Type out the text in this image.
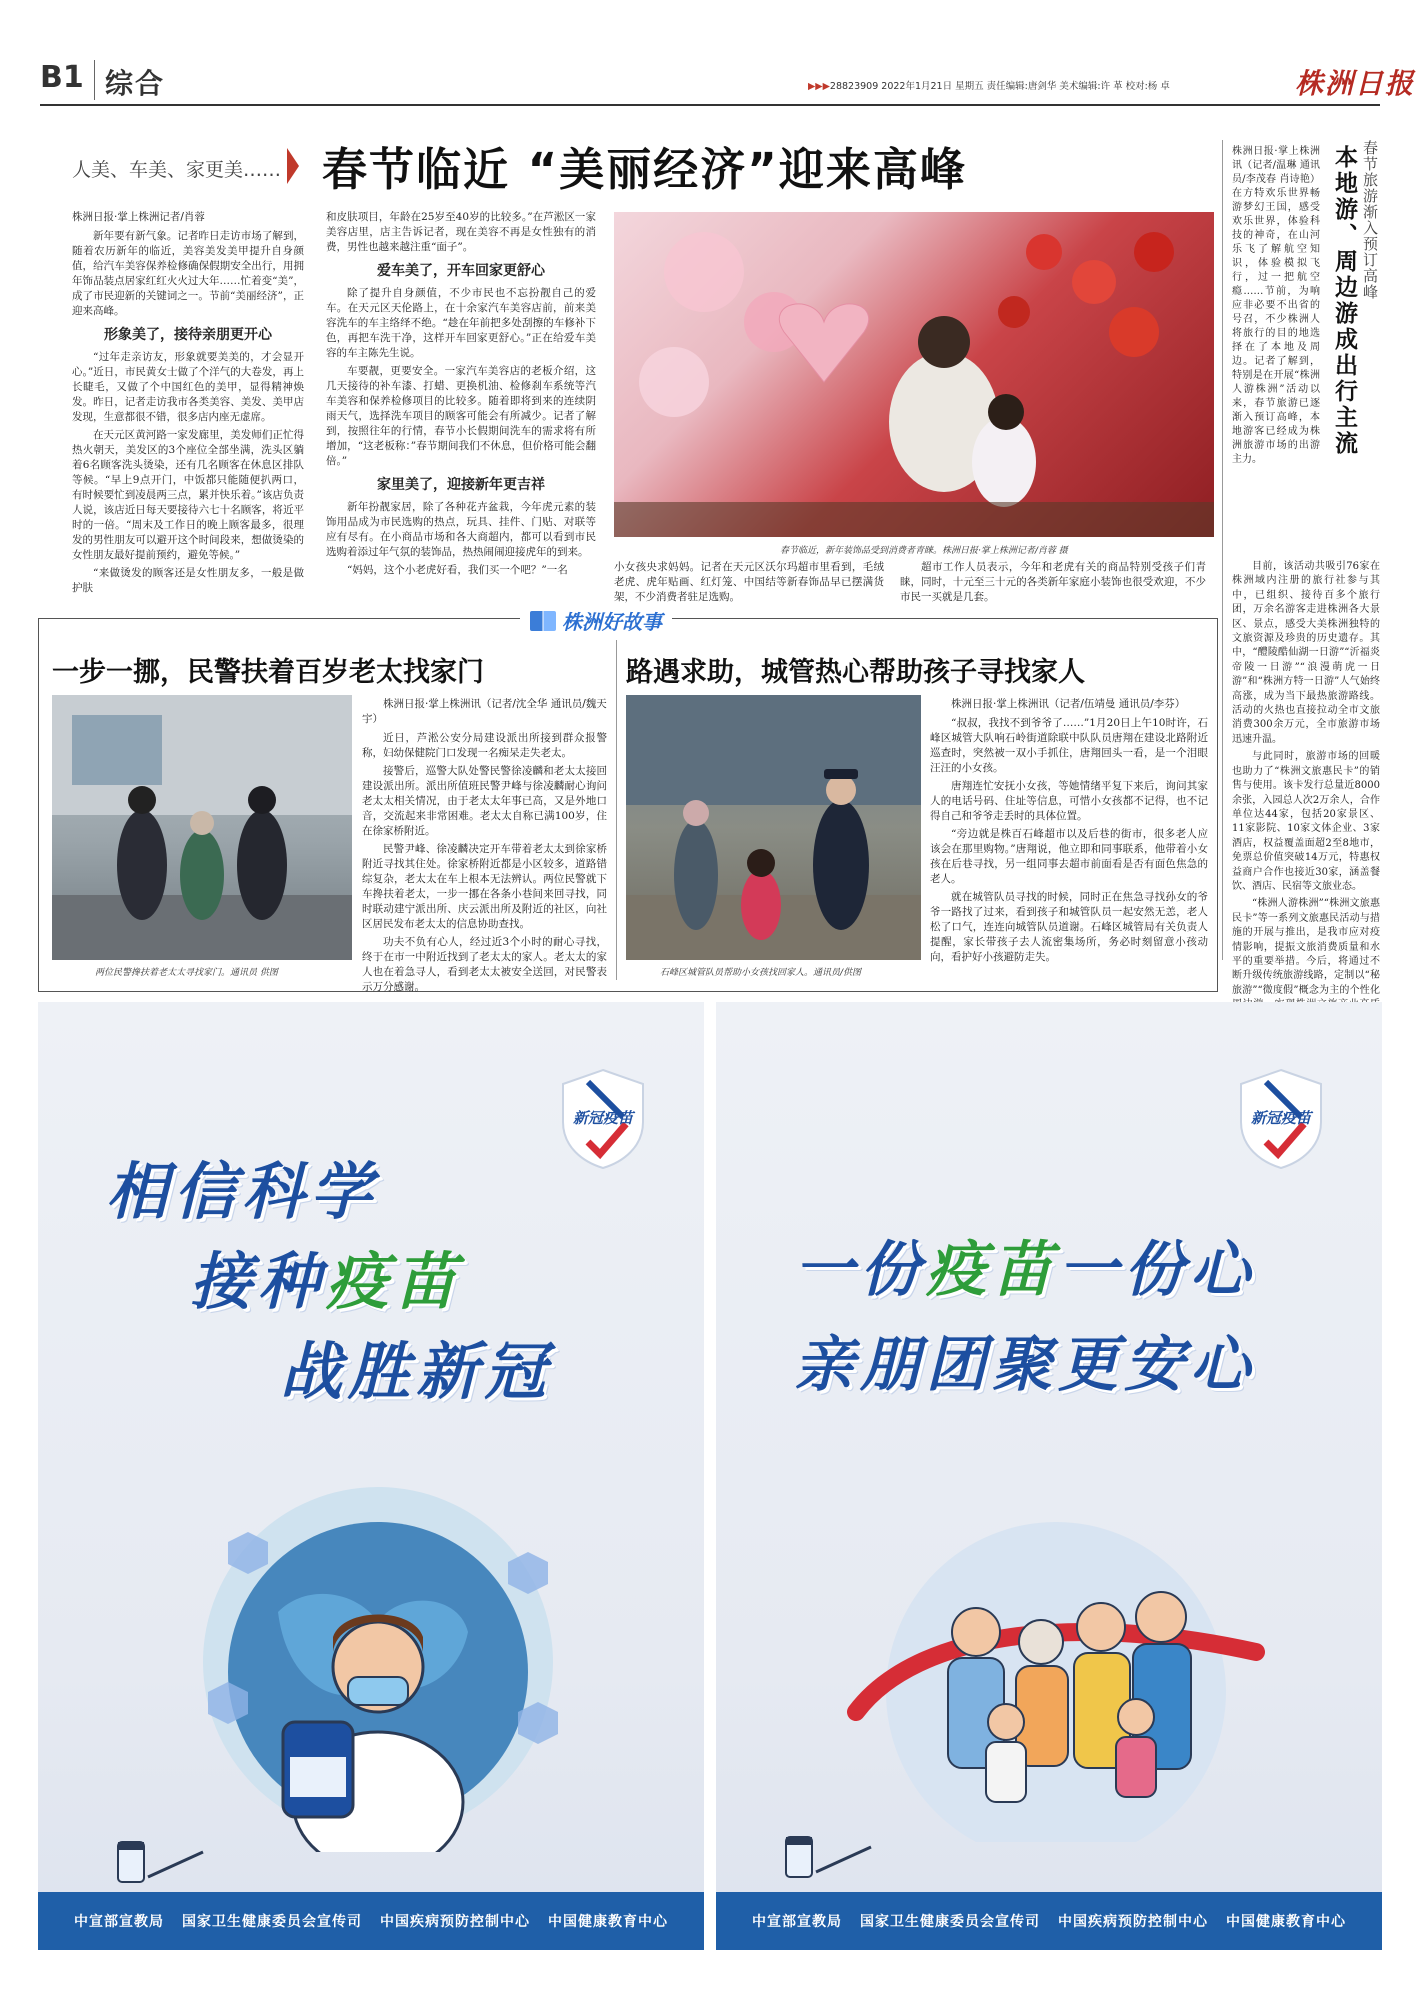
B1 综合	▶▶▶28823909 2022年1月21日 星期五 责任编辑:唐剑华 美术编辑:许 革 校对:杨 卓	株洲日报
人美、车美、家更美…… 春节临近 “美丽经济”迎来高峰

株洲日报·掌上株洲记者/肖蓉

新年要有新气象。记者昨日走访市场了解到，随着农历新年的临近，美容美发美甲提升自身颜值，给汽车美容保养检修确保假期安全出行，用拥年饰品装点居家红红火火过大年……忙着变“美”，成了市民迎新的关键词之一。节前“美丽经济”，正迎来高峰。

形象美了，接待亲朋更开心

“过年走亲访友，形象就要美美的，才会显开心。”近日，市民黄女士做了个洋气的大卷发，再上长睫毛，又做了个中国红色的美甲，显得精神焕发。昨日，记者走访我市各类美容、美发、美甲店发现，生意都很不错，很多店内座无虚席。

在天元区黄河路一家发廊里，美发师们正忙得热火朝天，美发区的3个座位全部坐满，洗头区躺着6名顾客洗头烫染，还有几名顾客在休息区排队等候。“早上9点开门，中饭都只能随便扒两口，有时候要忙到凌晨两三点，累并快乐着。”该店负责人说，该店近日每天要接待六七十名顾客，将近平时的一倍。“周末及工作日的晚上顾客最多，很理发的男性朋友可以避开这个时间段来，想做烫染的女性朋友最好提前预约，避免等候。”

“来做烫发的顾客还是女性朋友多，一般是做护肤

和皮肤项目，年龄在25岁至40岁的比较多。”在芦淞区一家美容店里，店主告诉记者，现在美容不再是女性独有的消费，男性也越来越注重“面子”。

爱车美了，开车回家更舒心

除了提升自身颜值，不少市民也不忘扮靓自己的爱车。在天元区天伦路上，在十余家汽车美容店前，前来美容洗车的车主络绎不绝。“趁在年前把多处刮擦的车修补下色，再把车洗干净，这样开车回家更舒心。”正在给爱车美容的车主陈先生说。

车要靓，更要安全。一家汽车美容店的老板介绍，这几天接待的补车漆、打蜡、更换机油、检修刹车系统等汽车美容和保养检修项目的比较多。随着即将到来的连续阴雨天气，选择洗车项目的顾客可能会有所减少。记者了解到，按照往年的行情，春节小长假期间洗车的需求将有所增加，“这老板称：”春节期间我们不休息，但价格可能会翻倍。”

家里美了，迎接新年更吉祥

新年扮靓家居，除了各种花卉盆栽，今年虎元素的装饰用品成为市民选购的热点，玩具、挂件、门贴、对联等应有尽有。在小商品市场和各大商超内，都可以看到市民选购着添过年气氛的装饰品，热热闹闹迎接虎年的到来。

“妈妈，这个小老虎好看，我们买一个吧？”一名

春节临近，新年装饰品受到消费者青睐。株洲日报·掌上株洲记者/肖蓉 摄

小女孩央求妈妈。记者在天元区沃尔玛超市里看到，毛绒老虎、虎年贴画、红灯笼、中国结等新春饰品早已摆满货架，不少消费者驻足选购。

超市工作人员表示，今年和老虎有关的商品特别受孩子们青睐，同时，十元至三十元的各类新年家庭小装饰也很受欢迎，不少市民一买就是几套。

春节旅游渐入预订高峰
本地游、周边游成出行主流

株洲日报·掌上株洲讯（记者/温琳 通讯员/李茂春 肖诗艳）在方特欢乐世界畅游梦幻王国，感受欢乐世界，体验科技的神奇，在山河乐飞了解航空知识，体验模拟飞行，过一把航空瘾……节前，为响应非必要不出省的号召，不少株洲人将旅行的目的地选择在了本地及周边。记者了解到，特别是在开展“株洲人游株洲”活动以来，春节旅游已逐渐入预订高峰，本地游客已经成为株洲旅游市场的出游主力。

目前，该活动共吸引76家在株洲域内注册的旅行社参与其中，已组织、接待百多个旅行团，万余名游客走进株洲各大景区、景点，感受大美株洲独特的文旅资源及珍贵的历史遗存。其中，“醴陵酷仙湖一日游”“沂福炎帝陵一日游”“浪漫萌虎一日游”和“株洲方特一日游”人气始终高涨，成为当下最热旅游路线。活动的火热也直接拉动全市文旅消费300余万元，全市旅游市场迅速升温。

与此同时，旅游市场的回暖也助力了“株洲文旅惠民卡”的销售与使用。该卡发行总量近8000余张，入园总人次2万余人，合作单位达44家，包括20家景区、11家影院、10家文体企业、3家酒店，权益覆盖面超2至8地市，免票总价值突破14万元，特惠权益商户合作也接近30家，涵盖餐饮、酒店、民宿等文旅业态。

“株洲人游株洲”“株洲文旅惠民卡”等一系列文旅惠民活动与措施的开展与推出，是我市应对疫情影响，提振文旅消费质量和水平的重要举措。今后，将通过不断升级传统旅游线路，定制以“秘旅游”“微度假”概念为主的个性化

株洲好故事
一步一挪，民警扶着百岁老太找家门
两位民警搀扶着老太太寻找家门。通讯员 供图

株洲日报·掌上株洲讯（记者/沈全华 通讯员/魏天宇）

近日，芦淞公安分局建设派出所接到群众报警称，妇幼保健院门口发现一名痴呆走失老太。

接警后，巡警大队处警民警徐凌麟和老太太接回建设派出所。派出所值班民警尹峰与徐凌麟耐心询问老太太相关情况，由于老太太年事已高，又是外地口音，交流起来非常困难。老太太自称已满100岁，住在徐家桥附近。

民警尹峰、徐凌麟决定开车带着老太太到徐家桥附近寻找其住处。徐家桥附近都是小区较多，道路错综复杂，老太太在车上根本无法辨认。两位民警就下车搀扶着老太，一步一挪在各条小巷间来回寻找，同时联动建宁派出所、庆云派出所及附近的社区，向社区居民发布老太太的信息协助查找。

功夫不负有心人，经过近3个小时的耐心寻找，终于在市一中附近找到了老太太的家人。老太太的家人也在着急寻人，看到老太太被安全送回，对民警表示万分感谢。

路遇求助，城管热心帮助孩子寻找家人
石峰区城管队员帮助小女孩找回家人。通讯员/供图

株洲日报·掌上株洲讯（记者/伍靖曼 通讯员/李芬）

“叔叔，我找不到爷爷了……”1月20日上午10时许，石峰区城管大队响石岭街道除联中队队员唐翔在建设北路附近巡查时，突然被一双小手抓住，唐翔回头一看，是一个泪眼汪汪的小女孩。

唐翔连忙安抚小女孩，等她情绪平复下来后，询问其家人的电话号码、住址等信息，可惜小女孩都不记得，也不记得自己和爷爷走丢时的具体位置。

“旁边就是株百石峰超市以及后巷的街市，很多老人应该会在那里购物。”唐翔说，他立即和同事联系，他带着小女孩在后巷寻找，另一组同事去超市前面看是否有面色焦急的老人。

就在城管队员寻找的时候，同时正在焦急寻找孙女的爷爷一路找了过来，看到孩子和城管队员一起安然无恙，老人松了口气，连连向城管队员道谢。石峰区城管局有关负责人提醒，家长带孩子去人流密集场所，务必时刻留意小孩动向，看护好小孩避防走失。

新冠疫苗
相信科学
接种疫苗
战胜新冠
中宣部宣教局 国家卫生健康委员会宣传司 中国疾病预防控制中心 中国健康教育中心
新冠疫苗
一份疫苗一份心
亲朋团聚更安心
中宣部宣教局 国家卫生健康委员会宣传司 中国疾病预防控制中心 中国健康教育中心
